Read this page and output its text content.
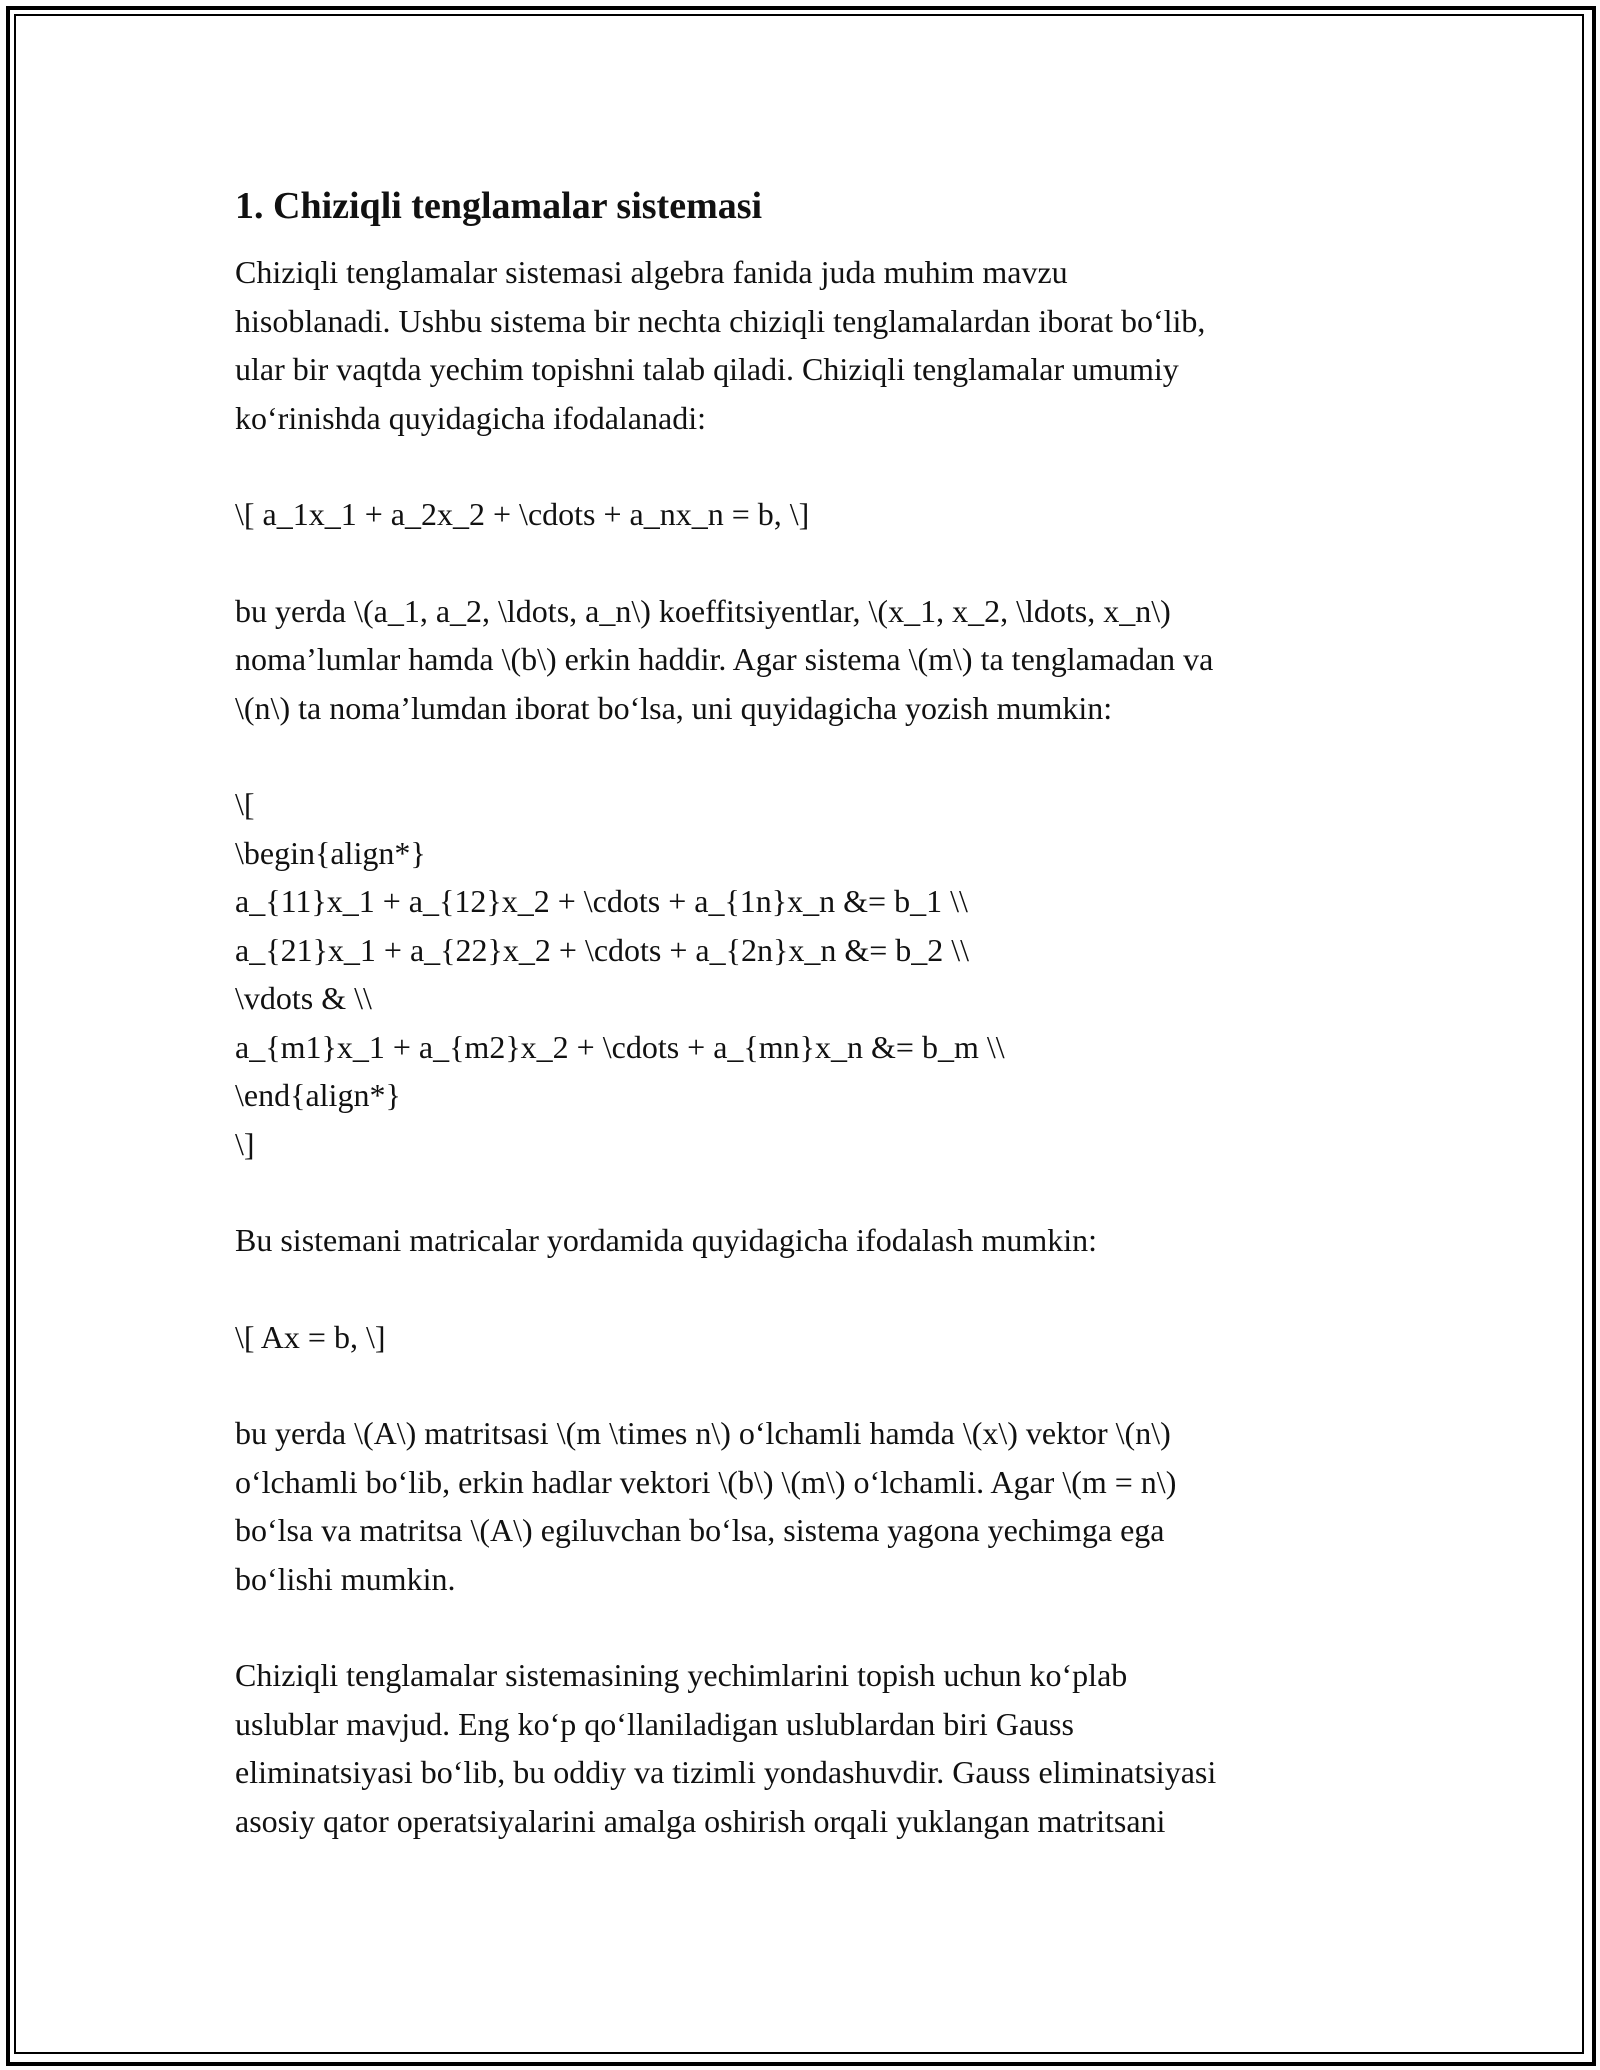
1. Chiziqli tenglamalar sistemasi
Chiziqli tenglamalar sistemasi algebra fanida juda muhim mavzu
hisoblanadi. Ushbu sistema bir nechta chiziqli tenglamalardan iborat bo‘lib,
ular bir vaqtda yechim topishni talab qiladi. Chiziqli tenglamalar umumiy
ko‘rinishda quyidagicha ifodalanadi:
\[ a_1x_1 + a_2x_2 + \cdots + a_nx_n = b, \]
bu yerda \(a_1, a_2, \ldots, a_n\) koeffitsiyentlar, \(x_1, x_2, \ldots, x_n\)
noma’lumlar hamda \(b\) erkin haddir. Agar sistema \(m\) ta tenglamadan va
\(n\) ta noma’lumdan iborat bo‘lsa, uni quyidagicha yozish mumkin:
\[
\begin{align*}
a_{11}x_1 + a_{12}x_2 + \cdots + a_{1n}x_n &= b_1 \\
a_{21}x_1 + a_{22}x_2 + \cdots + a_{2n}x_n &= b_2 \\
\vdots & \\
a_{m1}x_1 + a_{m2}x_2 + \cdots + a_{mn}x_n &= b_m \\
\end{align*}
\]
Bu sistemani matricalar yordamida quyidagicha ifodalash mumkin:
\[ Ax = b, \]
bu yerda \(A\) matritsasi \(m \times n\) o‘lchamli hamda \(x\) vektor \(n\)
o‘lchamli bo‘lib, erkin hadlar vektori \(b\) \(m\) o‘lchamli. Agar \(m = n\)
bo‘lsa va matritsa \(A\) egiluvchan bo‘lsa, sistema yagona yechimga ega
bo‘lishi mumkin.
Chiziqli tenglamalar sistemasining yechimlarini topish uchun ko‘plab
uslublar mavjud. Eng ko‘p qo‘llaniladigan uslublardan biri Gauss
eliminatsiyasi bo‘lib, bu oddiy va tizimli yondashuvdir. Gauss eliminatsiyasi
asosiy qator operatsiyalarini amalga oshirish orqali yuklangan matritsani
